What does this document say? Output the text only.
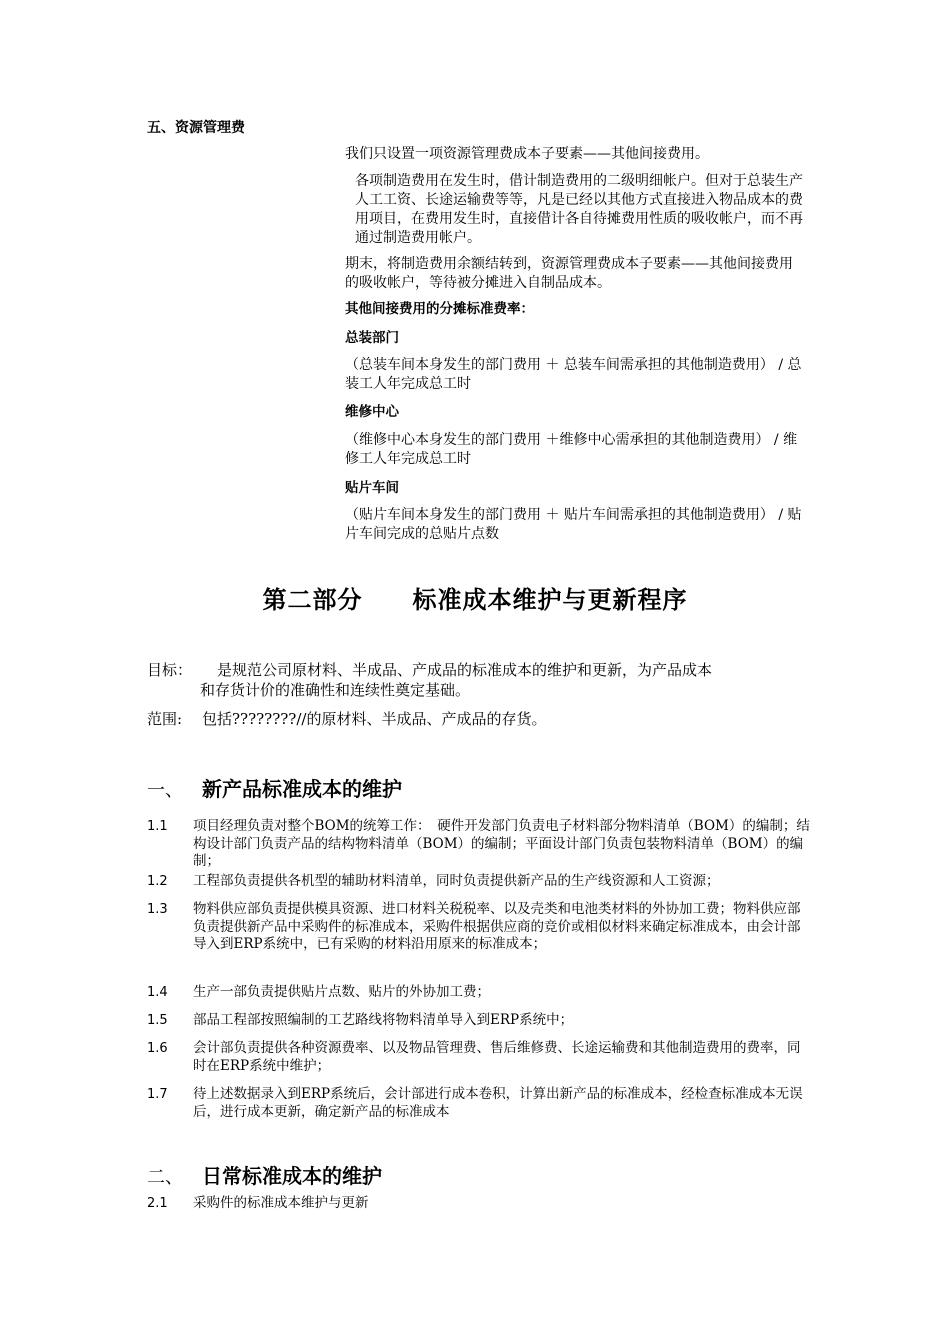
五、资源管理费
我们只设置一项资源管理费成本子要素——其他间接费用。
各项制造费用在发生时，借计制造费用的二级明细帐户。但对于总装生产人工工资、长途运输费等等，凡是已经以其他方式直接进入物品成本的费用项目，在费用发生时，直接借计各自待摊费用性质的吸收帐户，而不再通过制造费用帐户。
期末，将制造费用余额结转到，资源管理费成本子要素——其他间接费用的吸收帐户，等待被分摊进入自制品成本。
其他间接费用的分摊标准费率：
总装部门
（总装车间本身发生的部门费用 ＋ 总装车间需承担的其他制造费用） / 总装工人年完成总工时
维修中心
（维修中心本身发生的部门费用 ＋维修中心需承担的其他制造费用） / 维修工人年完成总工时
贴片车间
（贴片车间本身发生的部门费用 ＋ 贴片车间需承担的其他制造费用） / 贴片车间完成的总贴片点数
第二部分 标准成本维护与更新程序
目标： 是规范公司原材料、半成品、产成品的标准成本的维护和更新，为产品成本
和存货计价的准确性和连续性奠定基础。
范围: 包括????????//的原材料、半成品、产成品的存货。
一、 新产品标准成本的维护
1.1	项目经理负责对整个BOM的统筹工作：　硬件开发部门负责电子材料部分物料清单（BOM）的编制；结构设计部门负责产品的结构物料清单（BOM）的编制；平面设计部门负责包装物料清单（BOM）的编制；
1.2	工程部负责提供各机型的辅助材料清单，同时负责提供新产品的生产线资源和人工资源；
1.3	物料供应部负责提供模具资源、进口材料关税税率、以及壳类和电池类材料的外协加工费；物料供应部负责提供新产品中采购件的标准成本，采购件根据供应商的竞价或相似材料来确定标准成本，由会计部导入到ERP系统中，已有采购的材料沿用原来的标准成本；
1.4	生产一部负责提供贴片点数、贴片的外协加工费；
1.5	部品工程部按照编制的工艺路线将物料清单导入到ERP系统中；
1.6	会计部负责提供各种资源费率、以及物品管理费、售后维修费、长途运输费和其他制造费用的费率，同时在ERP系统中维护；
1.7	待上述数据录入到ERP系统后，会计部进行成本卷积，计算出新产品的标准成本，经检查标准成本无误后，进行成本更新，确定新产品的标准成本
二、 日常标准成本的维护
2.1	采购件的标准成本维护与更新
